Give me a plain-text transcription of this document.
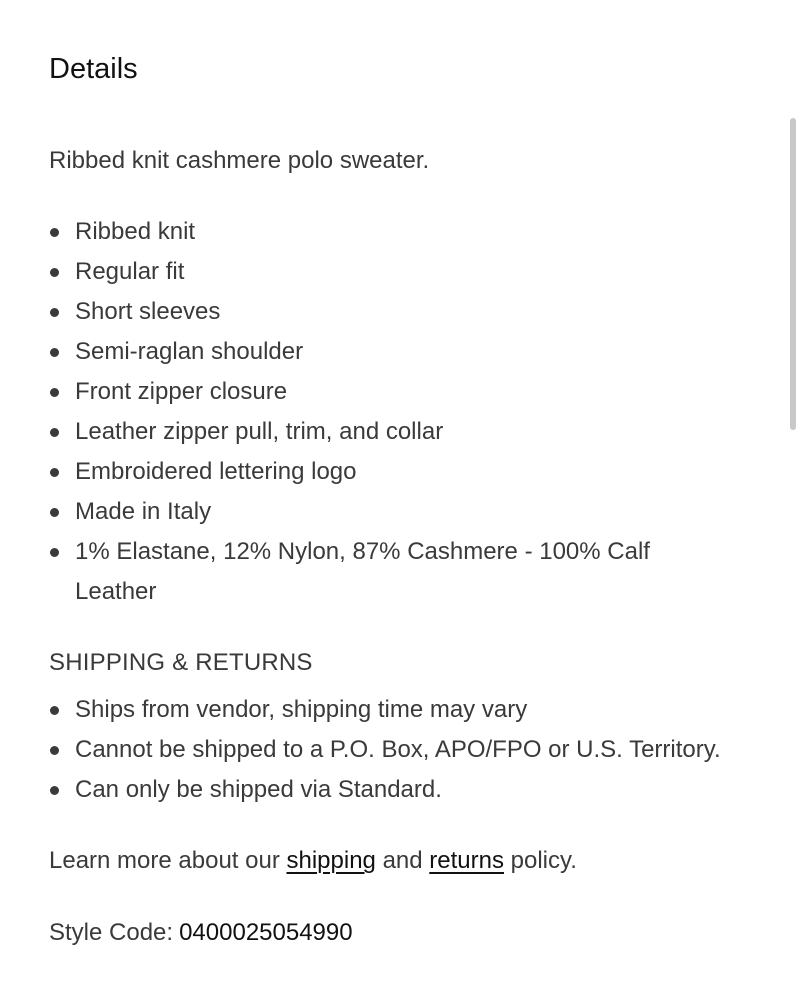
Details

Ribbed knit cashmere polo sweater.

Ribbed knit
Regular fit
Short sleeves
Semi-raglan shoulder
Front zipper closure
Leather zipper pull, trim, and collar
Embroidered lettering logo
Made in Italy
1% Elastane, 12% Nylon, 87% Cashmere - 100% Calf Leather
SHIPPING & RETURNS
Ships from vendor, shipping time may vary
Cannot be shipped to a P.O. Box, APO/FPO or U.S. Territory.
Can only be shipped via Standard.

Learn more about our shipping and returns policy.

Style Code: 0400025054990
